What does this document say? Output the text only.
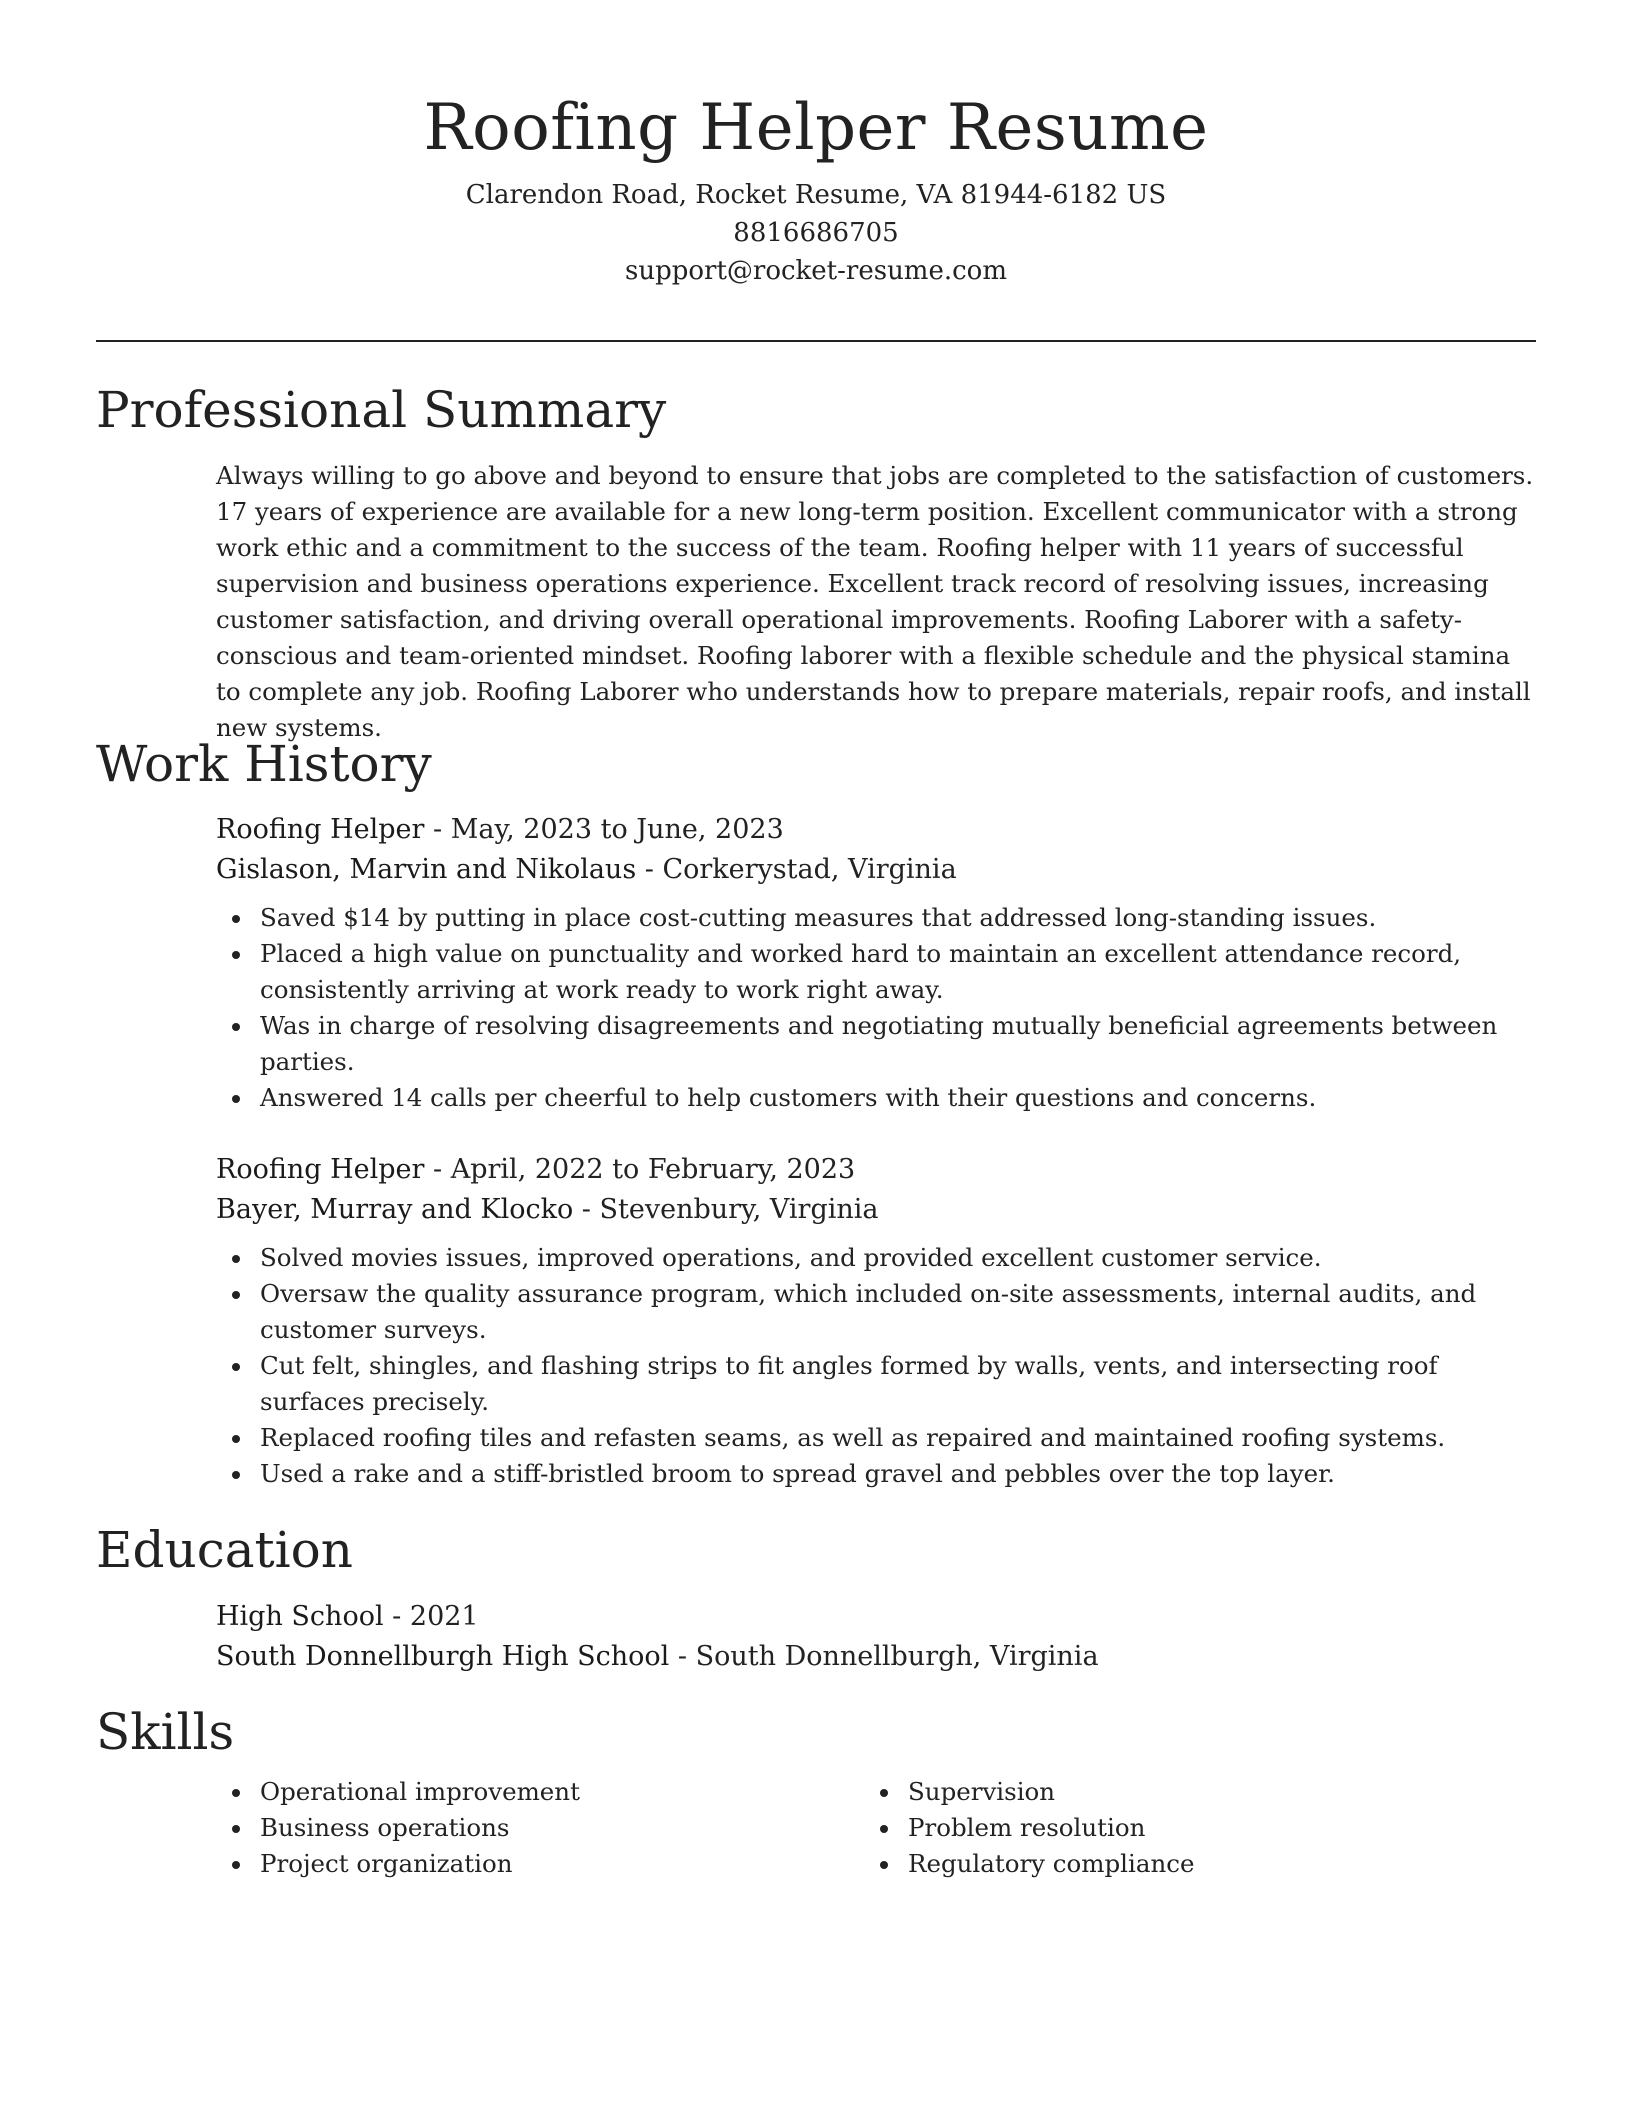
Roofing Helper Resume

Clarendon Road, Rocket Resume, VA 81944-6182 US

8816686705

support@rocket-resume.com

Professional Summary

Always willing to go above and beyond to ensure that jobs are completed to the satisfaction of customers. 17 years of experience are available for a new long-term position. Excellent communicator with a strong work ethic and a commitment to the success of the team. Roofing helper with 11 years of successful supervision and business operations experience. Excellent track record of resolving issues, increasing customer satisfaction, and driving overall operational improvements. Roofing Laborer with a safety-conscious and team-oriented mindset. Roofing laborer with a flexible schedule and the physical stamina to complete any job. Roofing Laborer who understands how to prepare materials, repair roofs, and install new systems.

Work History

Roofing Helper - May, 2023 to June, 2023

Gislason, Marvin and Nikolaus - Corkerystad, Virginia

Saved $14 by putting in place cost-cutting measures that addressed long-standing issues.
Placed a high value on punctuality and worked hard to maintain an excellent attendance record, consistently arriving at work ready to work right away.
Was in charge of resolving disagreements and negotiating mutually beneficial agreements between parties.
Answered 14 calls per cheerful to help customers with their questions and concerns.

Roofing Helper - April, 2022 to February, 2023

Bayer, Murray and Klocko - Stevenbury, Virginia

Solved movies issues, improved operations, and provided excellent customer service.
Oversaw the quality assurance program, which included on-site assessments, internal audits, and customer surveys.
Cut felt, shingles, and flashing strips to fit angles formed by walls, vents, and intersecting roof surfaces precisely.
Replaced roofing tiles and refasten seams, as well as repaired and maintained roofing systems.
Used a rake and a stiff-bristled broom to spread gravel and pebbles over the top layer.
Education

High School - 2021

South Donnellburgh High School - South Donnellburgh, Virginia

Skills
Operational improvement
Business operations
Project organization
Supervision
Problem resolution
Regulatory compliance
